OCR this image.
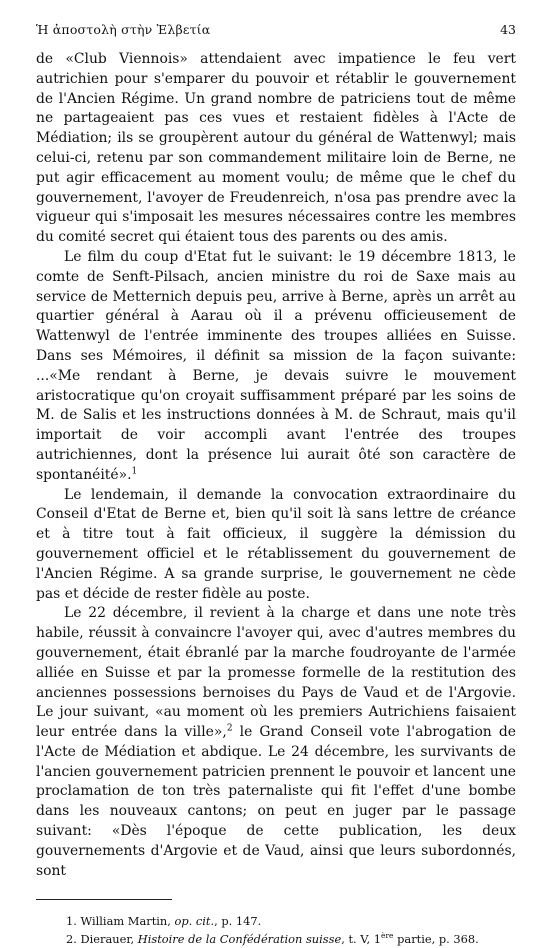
Ἡ ἀποστολὴ στὴν Ἑλβετία	43

de «Club Viennois» attendaient avec impatience le feu vert autrichien pour s'emparer du pouvoir et rétablir le gouvernement de l'Ancien Régime. Un grand nombre de patriciens tout de même ne partageaient pas ces vues et restaient fidèles à l'Acte de Médiation; ils se groupèrent autour du général de Wattenwyl; mais celui-ci, retenu par son commandement militaire loin de Berne, ne put agir efficacement au moment voulu; de même que le chef du gouvernement, l'avoyer de Freudenreich, n'osa pas prendre avec la vigueur qui s'imposait les mesures nécessaires contre les membres du comité secret qui étaient tous des parents ou des amis.

Le film du coup d'Etat fut le suivant: le 19 décembre 1813, le comte de Senft-Pilsach, ancien ministre du roi de Saxe mais au service de Metternich depuis peu, arrive à Berne, après un arrêt au quartier général à Aarau où il a prévenu officieusement de Wattenwyl de l'entrée imminente des troupes alliées en Suisse. Dans ses Mémoires, il définit sa mission de la façon suivante: ...«Me rendant à Berne, je devais suivre le mouvement aristocratique qu'on croyait suffisamment préparé par les soins de M. de Salis et les instructions données à M. de Schraut, mais qu'il importait de voir accompli avant l'entrée des troupes autrichiennes, dont la présence lui aurait ôté son caractère de spontanéité».$^1$

Le lendemain, il demande la convocation extraordinaire du Conseil d'Etat de Berne et, bien qu'il soit là sans lettre de créance et à titre tout à fait officieux, il suggère la démission du gouvernement officiel et le rétablissement du gouvernement de l'Ancien Régime. A sa grande surprise, le gouvernement ne cède pas et décide de rester fidèle au poste.

Le 22 décembre, il revient à la charge et dans une note très habile, réussit à convaincre l'avoyer qui, avec d'autres membres du gouvernement, était ébranlé par la marche foudroyante de l'armée alliée en Suisse et par la promesse formelle de la restitution des anciennes possessions bernoises du Pays de Vaud et de l'Argovie. Le jour suivant, «au moment où les premiers Autrichiens faisaient leur entrée dans la ville»,$^2$ le Grand Conseil vote l'abrogation de l'Acte de Médiation et abdique. Le 24 décembre, les survivants de l'ancien gouvernement patricien prennent le pouvoir et lancent une proclamation de ton très paternaliste qui fit l'effet d'une bombe dans les nouveaux cantons; on peut en juger par le passage suivant: «Dès l'époque de cette publication, les deux gouvernements d'Argovie et de Vaud, ainsi que leurs subordonnés, sont

1. William Martin, op. cit., p. 147.
2. Dierauer, Histoire de la Confédération suisse, t. V, 1ère partie, p. 368.
